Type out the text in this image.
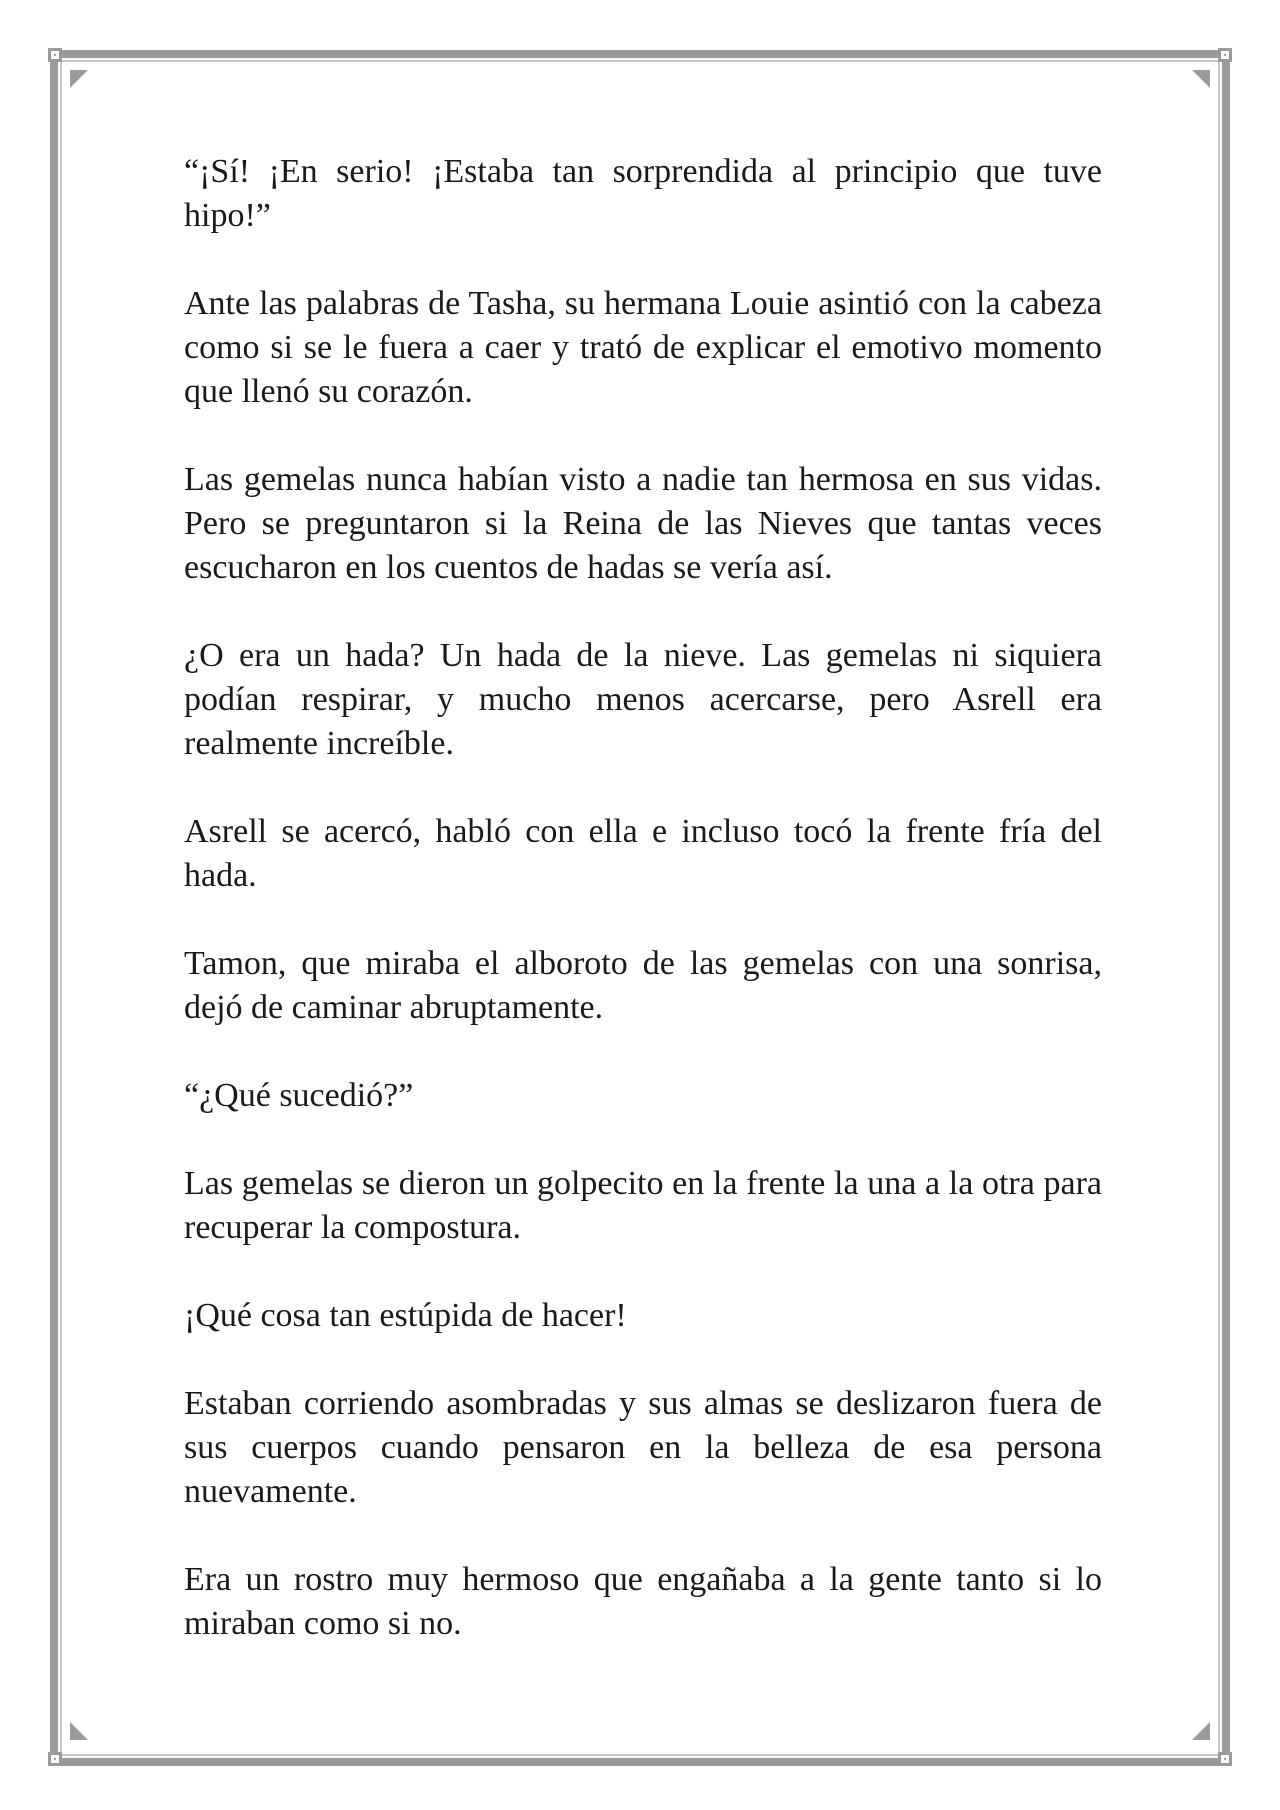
“¡Sí! ¡En serio! ¡Estaba tan sorprendida al principio que tuve hipo!”

Ante las palabras de Tasha, su hermana Louie asintió con la cabeza como si se le fuera a caer y trató de explicar el emotivo momento que llenó su corazón.

Las gemelas nunca habían visto a nadie tan hermosa en sus vidas. Pero se preguntaron si la Reina de las Nieves que tantas veces escucharon en los cuentos de hadas se vería así.

¿O era un hada? Un hada de la nieve. Las gemelas ni siquiera podían respirar, y mucho menos acercarse, pero Asrell era realmente increíble.

Asrell se acercó, habló con ella e incluso tocó la frente fría del hada.

Tamon, que miraba el alboroto de las gemelas con una sonrisa, dejó de caminar abruptamente.

“¿Qué sucedió?”

Las gemelas se dieron un golpecito en la frente la una a la otra para recuperar la compostura.

¡Qué cosa tan estúpida de hacer!

Estaban corriendo asombradas y sus almas se deslizaron fuera de sus cuerpos cuando pensaron en la belleza de esa persona nuevamente.

Era un rostro muy hermoso que engañaba a la gente tanto si lo miraban como si no.
